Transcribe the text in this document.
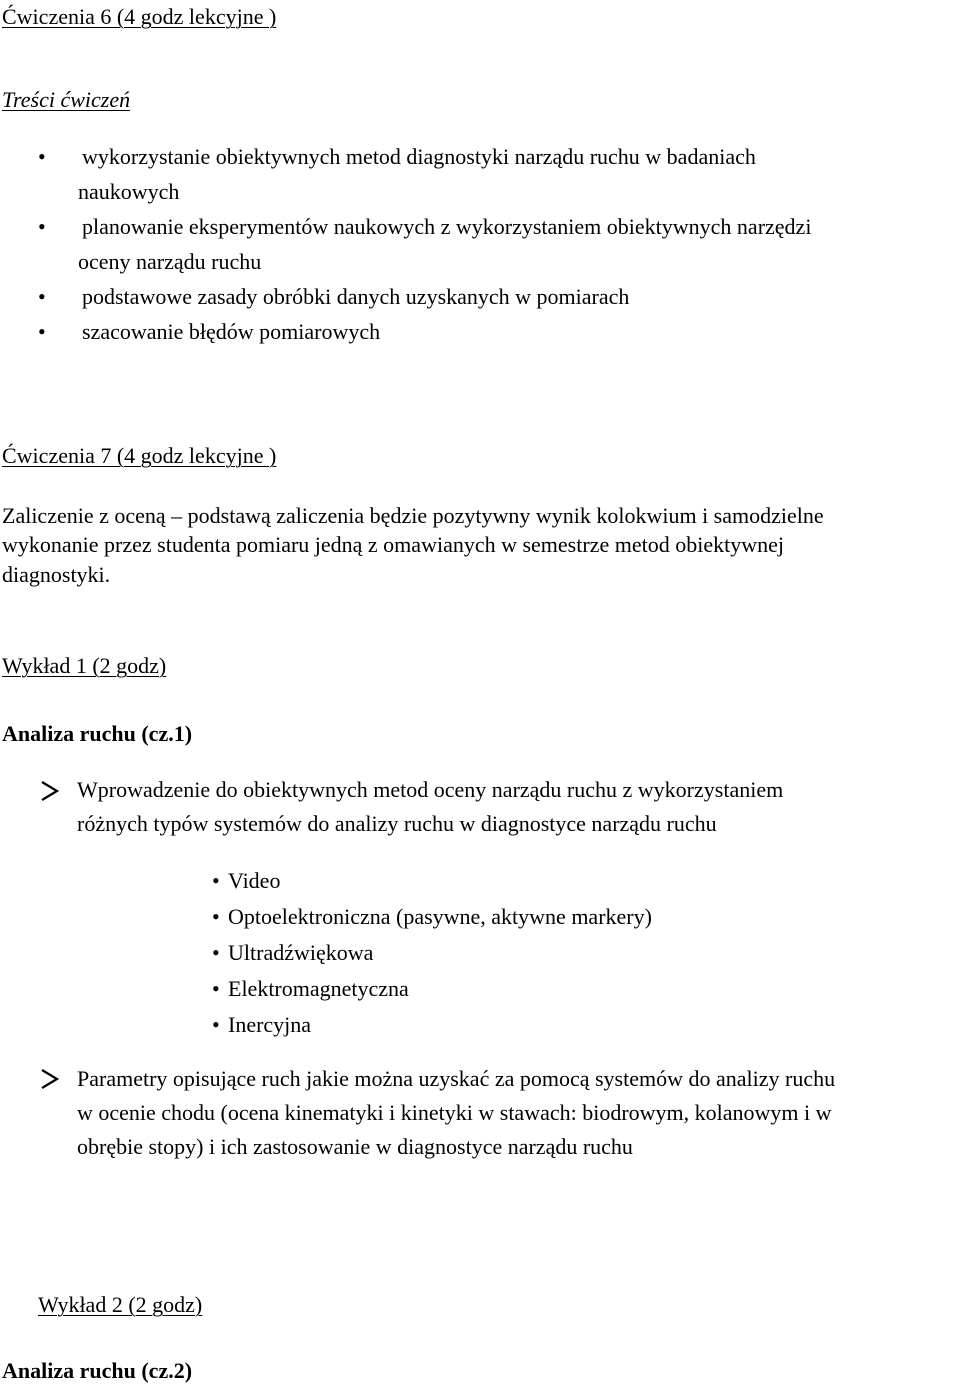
Ćwiczenia 6 (4 godz lekcyjne )
Treści ćwiczeń
• wykorzystanie obiektywnych metod diagnostyki narządu ruchu w badaniach
naukowych
• planowanie eksperymentów naukowych z wykorzystaniem obiektywnych narzędzi
oceny narządu ruchu
• podstawowe zasady obróbki danych uzyskanych w pomiarach
• szacowanie błędów pomiarowych
Ćwiczenia 7 (4 godz lekcyjne )
Zaliczenie z oceną – podstawą zaliczenia będzie pozytywny wynik kolokwium i samodzielne
wykonanie przez studenta pomiaru jedną z omawianych w semestrze metod obiektywnej
diagnostyki.
Wykład 1 (2 godz)
Analiza ruchu (cz.1)
Wprowadzenie do obiektywnych metod oceny narządu ruchu z wykorzystaniem
różnych typów systemów do analizy ruchu w diagnostyce narządu ruchu
• Video
• Optoelektroniczna (pasywne, aktywne markery)
• Ultradźwiękowa
• Elektromagnetyczna
• Inercyjna
Parametry opisujące ruch jakie można uzyskać za pomocą systemów do analizy ruchu
w ocenie chodu (ocena kinematyki i kinetyki w stawach: biodrowym, kolanowym i w
obrębie stopy) i ich zastosowanie w diagnostyce narządu ruchu
Wykład 2 (2 godz)
Analiza ruchu (cz.2)
